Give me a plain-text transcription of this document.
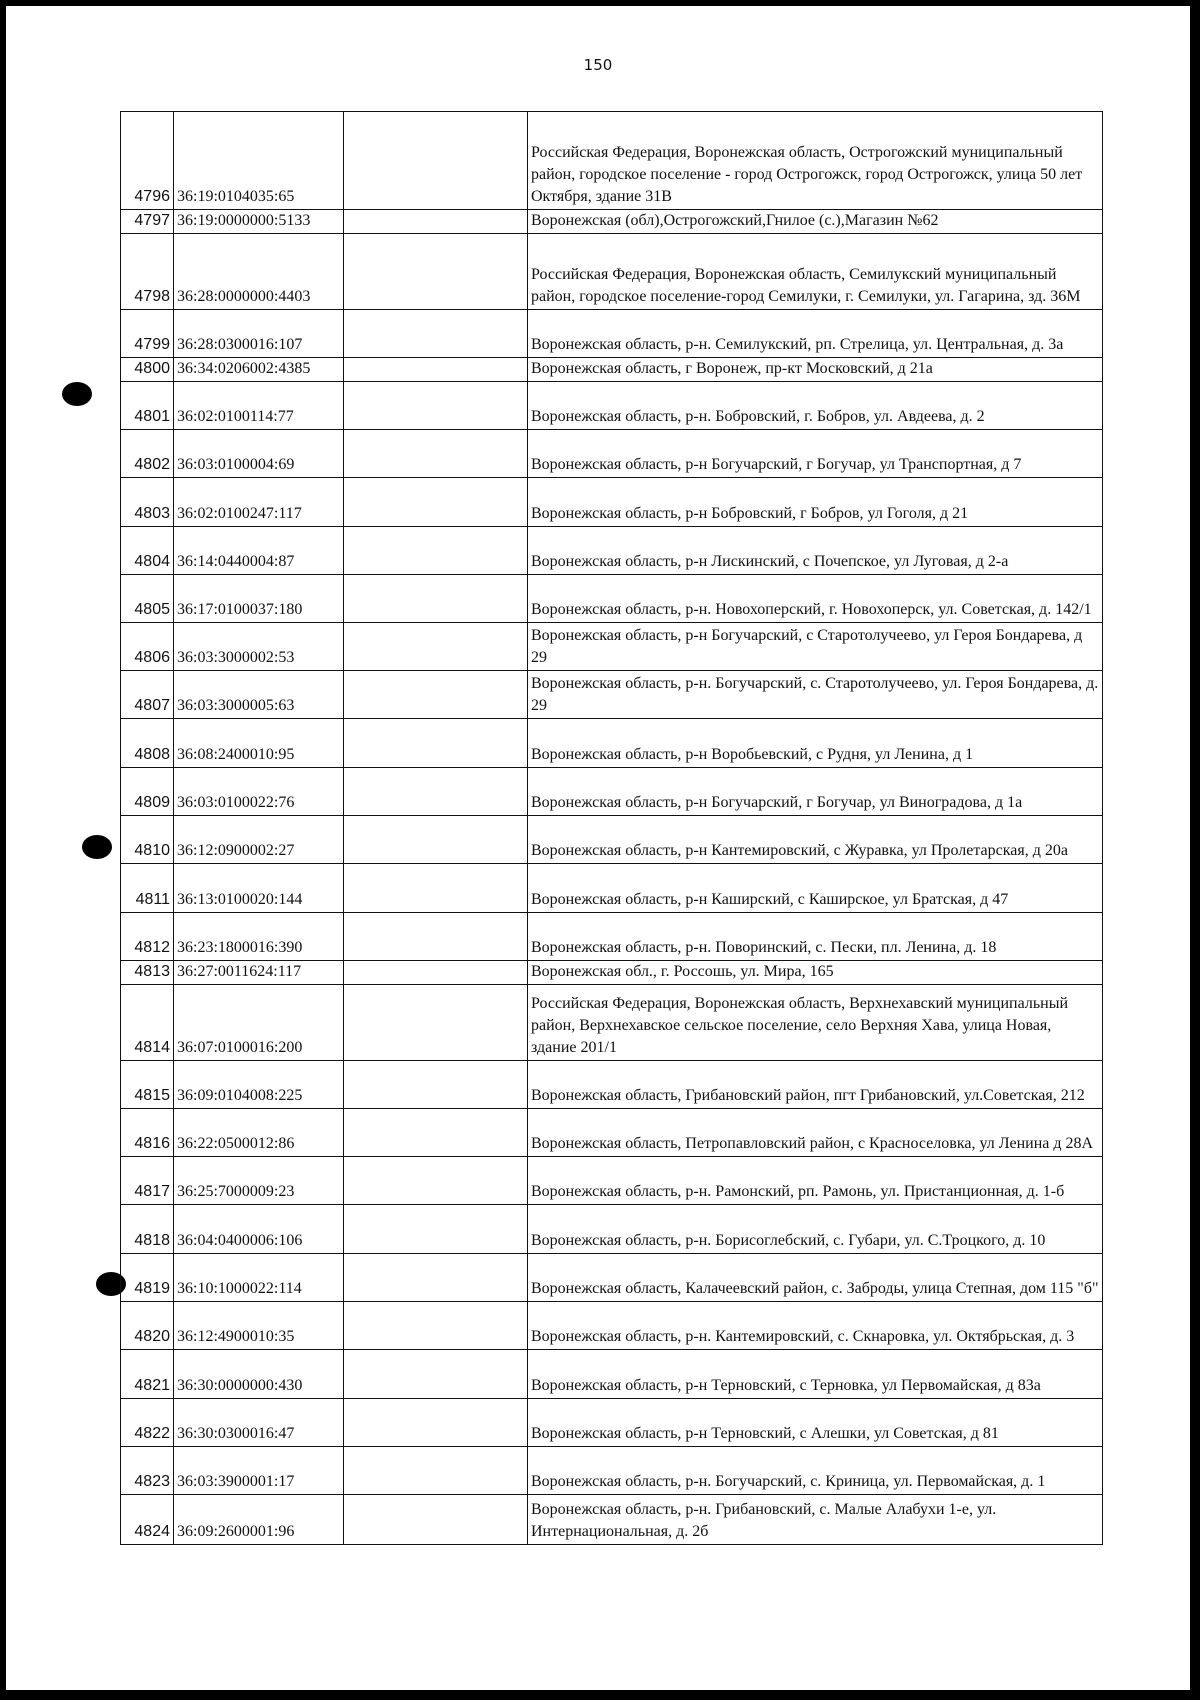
150
4796	36:19:0104035:65		Российская Федерация, Воронежская область, Острогожский муниципальный район, городское поселение - город Острогожск, город Острогожск, улица 50 лет Октября, здание 31В
4797	36:19:0000000:5133		Воронежская (обл),Острогожский,Гнилое (с.),Магазин №62
4798	36:28:0000000:4403		Российская Федерация, Воронежская область, Семилукский муниципальный район, городское поселение-город Семилуки, г. Семилуки, ул. Гагарина, зд. 36М
4799	36:28:0300016:107		Воронежская область, р-н. Семилукский, рп. Стрелица, ул. Центральная, д. 3а
4800	36:34:0206002:4385		Воронежская область, г Воронеж, пр-кт Московский, д 21а
4801	36:02:0100114:77		Воронежская область, р-н. Бобровский, г. Бобров, ул. Авдеева, д. 2
4802	36:03:0100004:69		Воронежская область, р-н Богучарский, г Богучар, ул Транспортная, д 7
4803	36:02:0100247:117		Воронежская область, р-н Бобровский, г Бобров, ул Гоголя, д 21
4804	36:14:0440004:87		Воронежская область, р-н Лискинский, с Почепское, ул Луговая, д 2-а
4805	36:17:0100037:180		Воронежская область, р-н. Новохоперский, г. Новохоперск, ул. Советская, д. 142/1
4806	36:03:3000002:53		Воронежская область, р-н Богучарский, с Старотолучеево, ул Героя Бондарева, д 29
4807	36:03:3000005:63		Воронежская область, р-н. Богучарский, с. Старотолучеево, ул. Героя Бондарева, д. 29
4808	36:08:2400010:95		Воронежская область, р-н Воробьевский, с Рудня, ул Ленина, д 1
4809	36:03:0100022:76		Воронежская область, р-н Богучарский, г Богучар, ул Виноградова, д 1а
4810	36:12:0900002:27		Воронежская область, р-н Кантемировский, с Журавка, ул Пролетарская, д 20а
4811	36:13:0100020:144		Воронежская область, р-н Каширский, с Каширское, ул Братская, д 47
4812	36:23:1800016:390		Воронежская область, р-н. Поворинский, с. Пески, пл. Ленина, д. 18
4813	36:27:0011624:117		Воронежская обл., г. Россошь, ул. Мира, 165
4814	36:07:0100016:200		Российская Федерация, Воронежская область, Верхнехавский муниципальный район, Верхнехавское сельское поселение, село Верхняя Хава, улица Новая, здание 201/1
4815	36:09:0104008:225		Воронежская область, Грибановский район, пгт Грибановский, ул.Советская, 212
4816	36:22:0500012:86		Воронежская область, Петропавловский район, с Красноселовка, ул Ленина д 28А
4817	36:25:7000009:23		Воронежская область, р-н. Рамонский, рп. Рамонь, ул. Пристанционная, д. 1-б
4818	36:04:0400006:106		Воронежская область, р-н. Борисоглебский, с. Губари, ул. С.Троцкого, д. 10
4819	36:10:1000022:114		Воронежская область, Калачеевский район, с. Заброды, улица Степная, дом 115 "б"
4820	36:12:4900010:35		Воронежская область, р-н. Кантемировский, с. Скнаровка, ул. Октябрьская, д. 3
4821	36:30:0000000:430		Воронежская область, р-н Терновский, с Терновка, ул Первомайская, д 83а
4822	36:30:0300016:47		Воронежская область, р-н Терновский, с Алешки, ул Советская, д 81
4823	36:03:3900001:17		Воронежская область, р-н. Богучарский, с. Криница, ул. Первомайская, д. 1
4824	36:09:2600001:96		Воронежская область, р-н. Грибановский, с. Малые Алабухи 1-е, ул. Интернациональная, д. 2б
